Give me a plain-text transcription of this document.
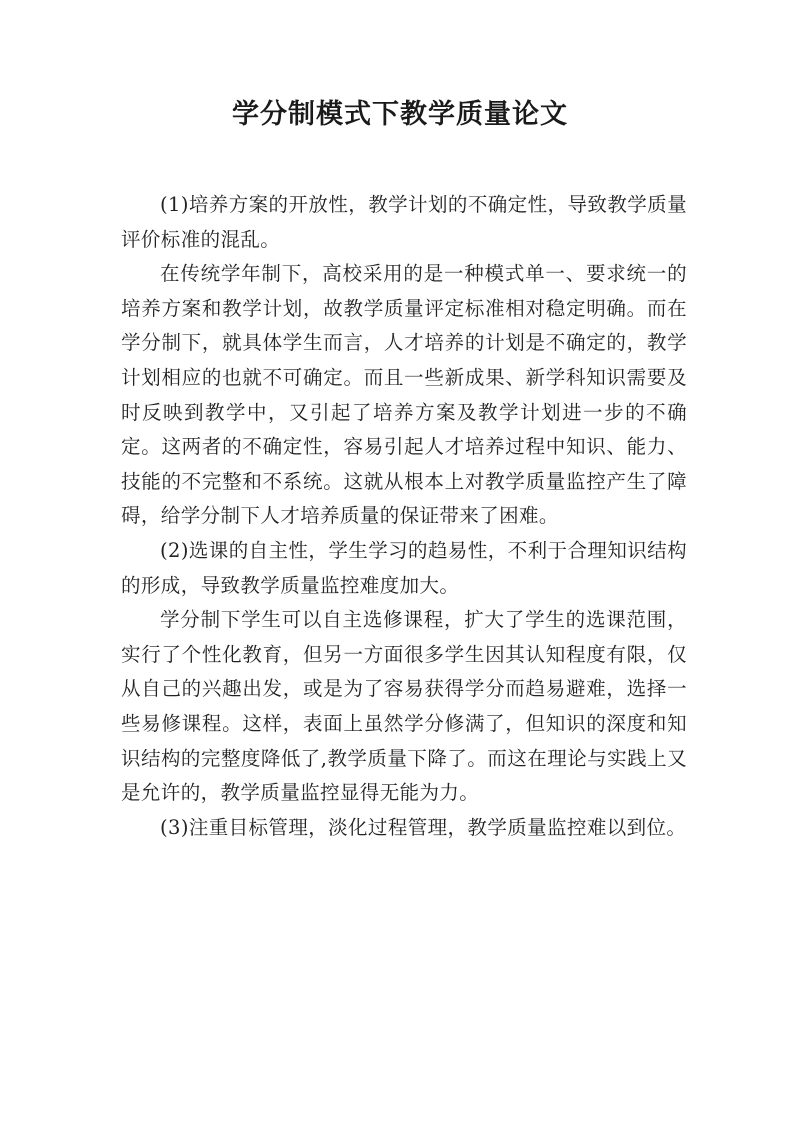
学分制模式下教学质量论文

(1)培养方案的开放性，教学计划的不确定性，导致教学质量评价标准的混乱。

在传统学年制下，高校采用的是一种模式单一、要求统一的培养方案和教学计划，故教学质量评定标准相对稳定明确。而在学分制下，就具体学生而言，人才培养的计划是不确定的，教学计划相应的也就不可确定。而且一些新成果、新学科知识需要及时反映到教学中，又引起了培养方案及教学计划进一步的不确定。这两者的不确定性，容易引起人才培养过程中知识、能力、技能的不完整和不系统。这就从根本上对教学质量监控产生了障碍，给学分制下人才培养质量的保证带来了困难。

(2)选课的自主性，学生学习的趋易性，不利于合理知识结构的形成，导致教学质量监控难度加大。

学分制下学生可以自主选修课程，扩大了学生的选课范围，实行了个性化教育，但另一方面很多学生因其认知程度有限，仅从自己的兴趣出发，或是为了容易获得学分而趋易避难，选择一些易修课程。这样，表面上虽然学分修满了，但知识的深度和知识结构的完整度降低了,教学质量下降了。而这在理论与实践上又是允许的，教学质量监控显得无能为力。

(3)注重目标管理，淡化过程管理，教学质量监控难以到位。
